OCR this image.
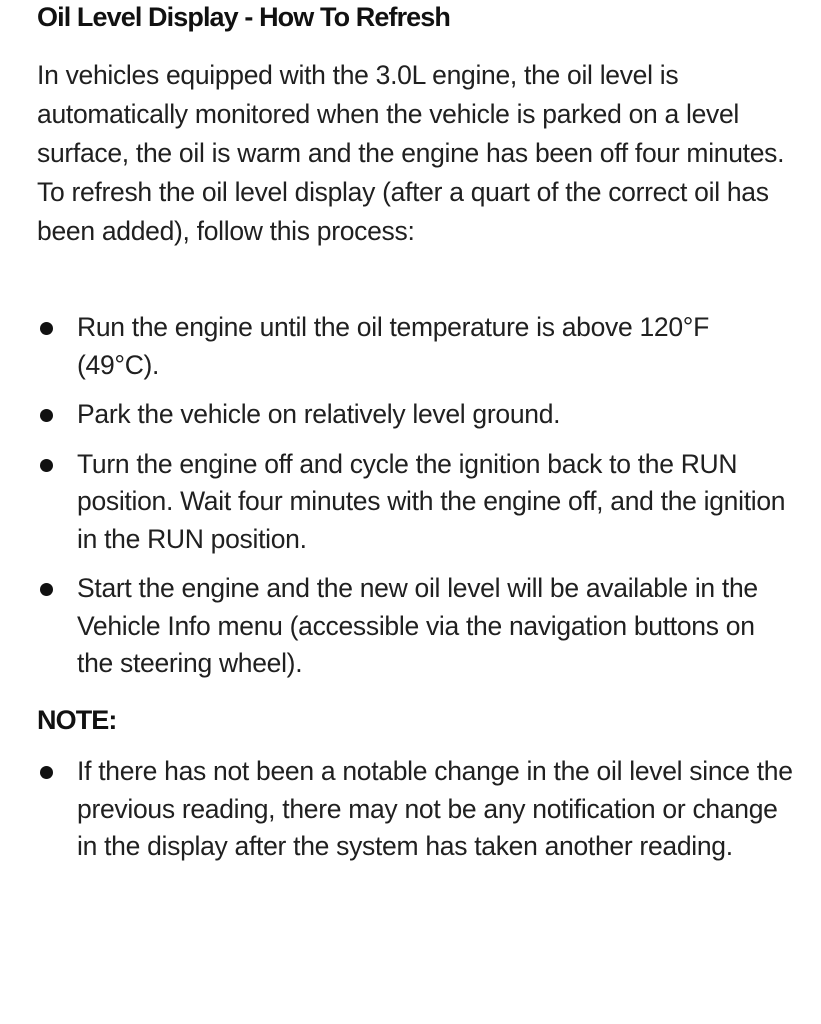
Oil Level Display - How To Refresh

In vehicles equipped with the 3.0L engine, the oil level is automatically monitored when the vehicle is parked on a level surface, the oil is warm and the engine has been off four minutes. To refresh the oil level display (after a quart of the correct oil has been added), follow this process:

Run the engine until the oil temperature is above 120°F (49°C).
Park the vehicle on relatively level ground.
Turn the engine off and cycle the ignition back to the RUN position. Wait four minutes with the engine off, and the ignition in the RUN position.
Start the engine and the new oil level will be available in the Vehicle Info menu (accessible via the navigation buttons on the steering wheel).
NOTE:
If there has not been a notable change in the oil level since the previous reading, there may not be any notification or change in the display after the system has taken another reading.
